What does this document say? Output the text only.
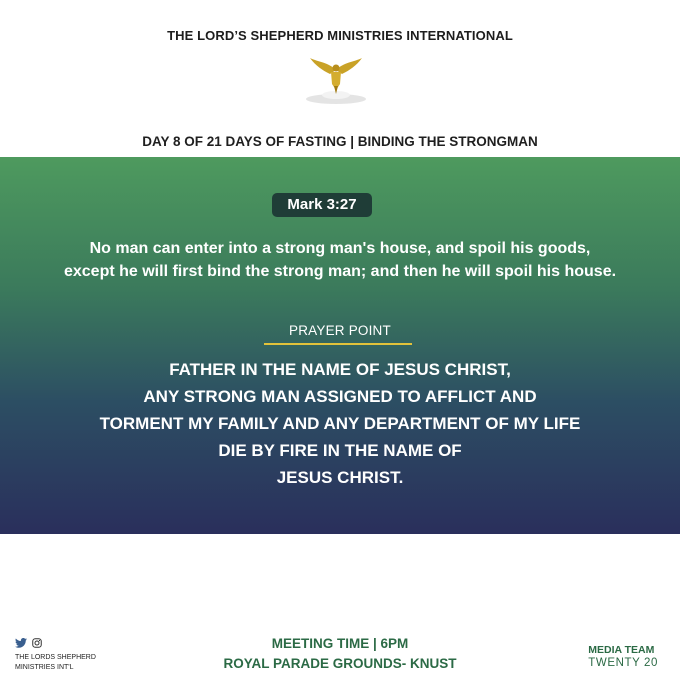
THE LORD’S SHEPHERD MINISTRIES INTERNATIONAL
DAY 8 OF 21 DAYS OF FASTING | BINDING THE STRONGMAN
Mark 3:27
No man can enter into a strong man's house, and spoil his goods,
except he will first bind the strong man; and then he will spoil his house.
PRAYER POINT
FATHER IN THE NAME OF JESUS CHRIST,
ANY STRONG MAN ASSIGNED TO AFFLICT AND
TORMENT MY FAMILY AND ANY DEPARTMENT OF MY LIFE
DIE BY FIRE IN THE NAME OF
JESUS CHRIST.
THE LORDS SHEPHERD
MINISTRIES INT'L
MEETING TIME | 6PM
ROYAL PARADE GROUNDS- KNUST
MEDIA TEAM
TWENTY 20
